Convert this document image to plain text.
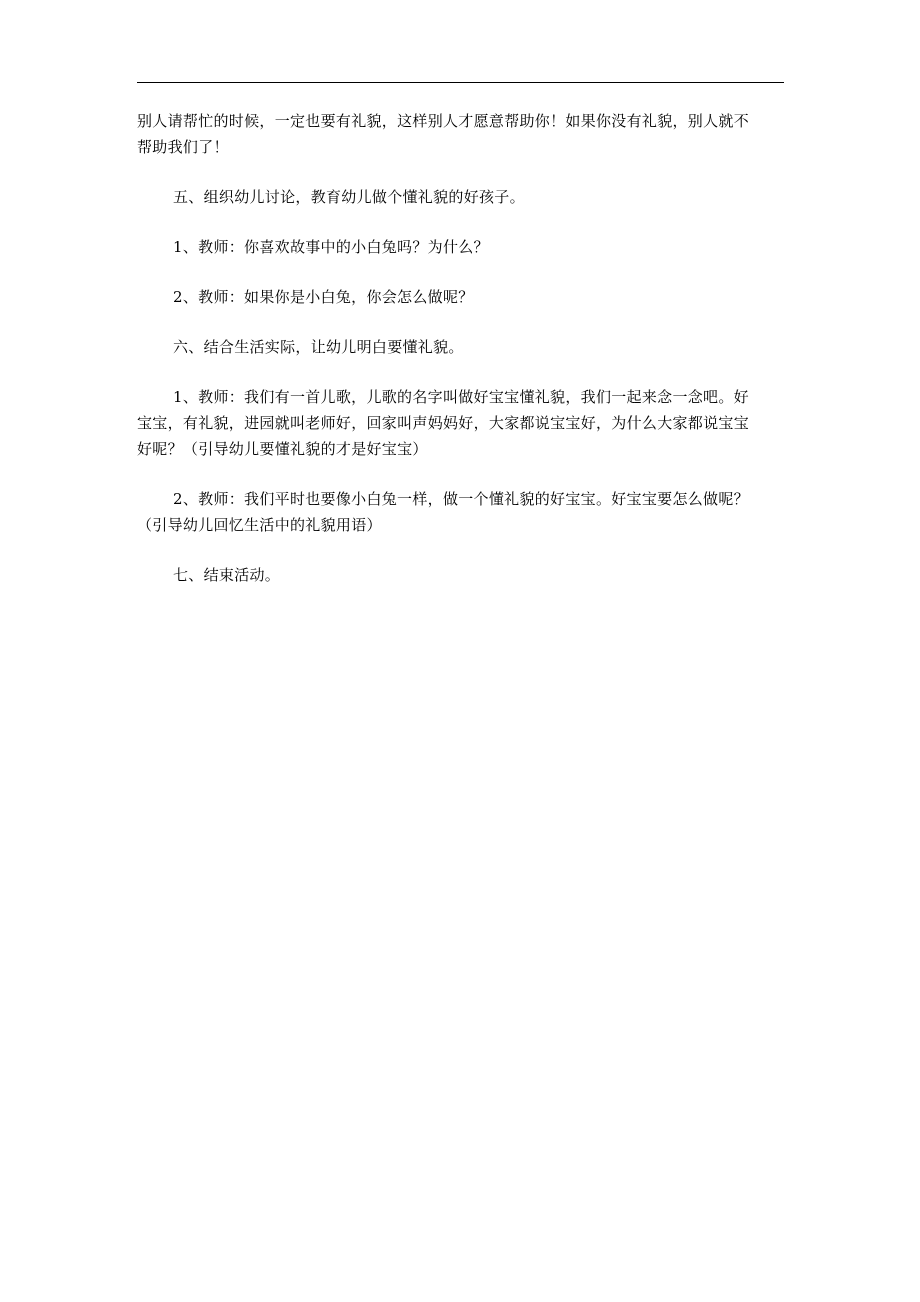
别人请帮忙的时候，一定也要有礼貌，这样别人才愿意帮助你！如果你没有礼貌，别人就不
帮助我们了！

五、组织幼儿讨论，教育幼儿做个懂礼貌的好孩子。

1、教师：你喜欢故事中的小白兔吗？为什么？

2、教师：如果你是小白兔，你会怎么做呢？

六、结合生活实际，让幼儿明白要懂礼貌。

1、教师：我们有一首儿歌，儿歌的名字叫做好宝宝懂礼貌，我们一起来念一念吧。好
宝宝，有礼貌，进园就叫老师好，回家叫声妈妈好，大家都说宝宝好，为什么大家都说宝宝
好呢？（引导幼儿要懂礼貌的才是好宝宝）

2、教师：我们平时也要像小白兔一样，做一个懂礼貌的好宝宝。好宝宝要怎么做呢？
（引导幼儿回忆生活中的礼貌用语）

七、结束活动。
